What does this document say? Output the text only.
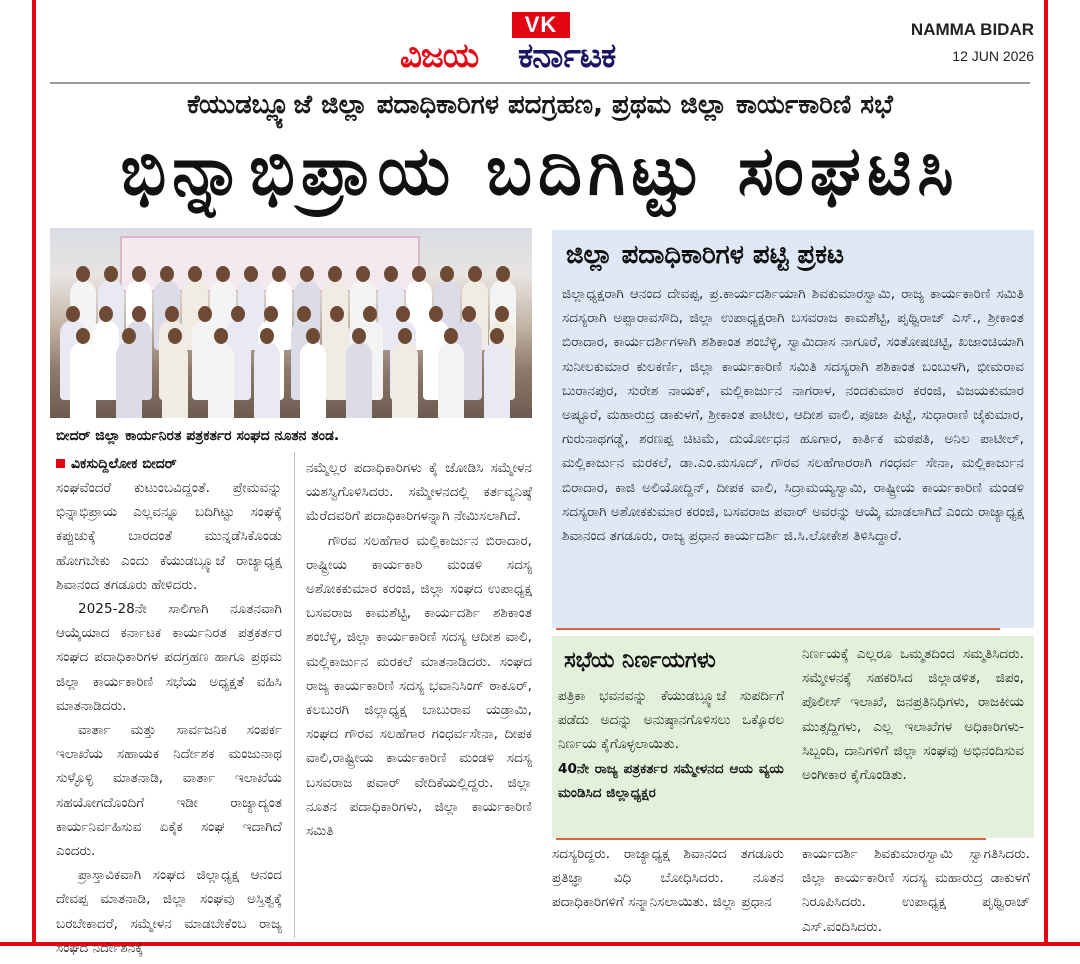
VK
ವಿಜಯ ಕರ್ನಾಟಕ
NAMMA BIDAR
12 JUN 2026
ಕೆಯುಡಬ್ಲ್ಯೂಜೆ ಜಿಲ್ಲಾ ಪದಾಧಿಕಾರಿಗಳ ಪದಗ್ರಹಣ, ಪ್ರಥಮ ಜಿಲ್ಲಾ ಕಾರ್ಯಕಾರಿಣಿ ಸಭೆ
ಭಿನ್ನಾಭಿಪ್ರಾಯ ಬದಿಗಿಟ್ಟು ಸಂಘಟಿಸಿ
ಬೀದರ್ ಜಿಲ್ಲಾ ಕಾರ್ಯನಿರತ ಪತ್ರಕರ್ತರ ಸಂಘದ ನೂತನ ತಂಡ.
ವಿಕಸುದ್ದಿಲೋಕ ಬೀದರ್

ಸಂಘವೆಂದರೆ ಕುಟುಂಬವಿದ್ದಂತೆ. ಪ್ರೇಮವನ್ನು ಭಿನ್ನಾಭಿಪ್ರಾಯ ಎಲ್ಲವನ್ನೂ ಬದಿಗಿಟ್ಟು ಸಂಘಕ್ಕೆ ಕಪ್ಪುಚುಕ್ಕೆ ಬಾರದಂತೆ ಮುನ್ನಡೆಸಿಕೊಂಡು ಹೋಗಬೇಕು ಎಂದು ಕೆಯುಡಬ್ಲ್ಯೂಜೆ ರಾಜ್ಯಾಧ್ಯಕ್ಷ ಶಿವಾನಂದ ತಗಡೂರು ಹೇಳಿದರು.

2025-28ನೇ ಸಾಲಿಗಾಗಿ ನೂತನವಾಗಿ ಆಯ್ಕೆಯಾದ ಕರ್ನಾಟಕ ಕಾರ್ಯನಿರತ ಪತ್ರಕರ್ತರ ಸಂಘದ ಪದಾಧಿಕಾರಿಗಳ ಪದಗ್ರಹಣ ಹಾಗೂ ಪ್ರಥಮ ಜಿಲ್ಲಾ ಕಾರ್ಯಕಾರಿಣಿ ಸಭೆಯ ಅಧ್ಯಕ್ಷತೆ ವಹಿಸಿ ಮಾತನಾಡಿದರು.

ವಾರ್ತಾ ಮತ್ತು ಸಾರ್ವಜನಿಕ ಸಂಪರ್ಕ ಇಲಾಖೆಯ ಸಹಾಯಕ ನಿರ್ದೇಶಕ ಮಂಜುನಾಥ ಸುಳ್ಳೊಳ್ಳಿ ಮಾತನಾಡಿ, ವಾರ್ತಾ ಇಲಾಖೆಯ ಸಹಯೋಗದೊಂದಿಗೆ ಇಡೀ ರಾಜ್ಯಾದ್ಯಂತ ಕಾರ್ಯನಿರ್ವಹಿಸುವ ಏಕೈಕ ಸಂಘ ಇದಾಗಿದೆ ಎಂದರು.

ಪ್ರಾಸ್ತಾವಿಕವಾಗಿ ಸಂಘದ ಜಿಲ್ಲಾಧ್ಯಕ್ಷ ಆನಂದ ದೇವಪ್ಪ ಮಾತನಾಡಿ, ಜಿಲ್ಲಾ ಸಂಘವು ಅಸ್ತಿತ್ವಕ್ಕೆ ಬರಬೇಕಾದರೆ, ಸಮ್ಮೇಳನ ಮಾಡಬೇಕೆಂಬ ರಾಜ್ಯ ಸಂಘದ ನಿರ್ದೇಶನಕ್ಕೆ

ನಮ್ಮೆಲ್ಲರ ಪದಾಧಿಕಾರಿಗಳು ಕೈ ಜೋಡಿಸಿ ಸಮ್ಮೇಳನ ಯಶಸ್ವಿಗೊಳಿಸಿದರು. ಸಮ್ಮೇಳನದಲ್ಲಿ ಕರ್ತವ್ಯನಿಷ್ಠೆ ಮೆರೆದವರಿಗೆ ಪದಾಧಿಕಾರಿಗಳನ್ನಾಗಿ ನೇಮಿಸಲಾಗಿದೆ.

ಗೌರವ ಸಲಹೆಗಾರ ಮಲ್ಲಿಕಾರ್ಜುನ ಬಿರಾದಾರ, ರಾಷ್ಟ್ರೀಯ ಕಾರ್ಯಕಾರಿ ಮಂಡಳಿ ಸದಸ್ಯ ಅಶೋಕಕುಮಾರ ಕರಂಜಿ, ಜಿಲ್ಲಾ ಸಂಘದ ಉಪಾಧ್ಯಕ್ಷ ಬಸವರಾಜ ಕಾಮಶೆಟ್ಟಿ, ಕಾರ್ಯದರ್ಶಿ ಶಶಿಕಾಂತ ಶಂಬೆಳ್ಳಿ, ಜಿಲ್ಲಾ ಕಾರ್ಯಕಾರಿಣಿ ಸದಸ್ಯ ಆದೀಶ ವಾಲಿ, ಮಲ್ಲಿಕಾರ್ಜುನ ಮರಕಲೆ ಮಾತನಾಡಿದರು. ಸಂಘದ ರಾಜ್ಯ ಕಾರ್ಯಕಾರಿಣಿ ಸದಸ್ಯ ಭವಾನಿಸಿಂಗ್ ಠಾಕೂರ್, ಕಲಬುರಗಿ ಜಿಲ್ಲಾಧ್ಯಕ್ಷ ಬಾಬುರಾವ ಯಡ್ರಾಮಿ, ಸಂಘದ ಗೌರವ ಸಲಹೆಗಾರ ಗಂಧರ್ವಸೇನಾ, ದೀಪಕ ವಾಲಿ,ರಾಷ್ಟ್ರೀಯ ಕಾರ್ಯಕಾರಿಣಿ ಮಂಡಳಿ ಸದಸ್ಯ ಬಸವರಾಜ ಪವಾರ್ ವೇದಿಕೆಯಲ್ಲಿದ್ದರು. ಜಿಲ್ಲಾ ನೂತನ ಪದಾಧಿಕಾರಿಗಳು, ಜಿಲ್ಲಾ ಕಾರ್ಯಕಾರಿಣಿ ಸಮಿತಿ

ಜಿಲ್ಲಾ ಪದಾಧಿಕಾರಿಗಳ ಪಟ್ಟಿ ಪ್ರಕಟ
ಜಿಲ್ಲಾಧ್ಯಕ್ಷರಾಗಿ ಆನಂದ ದೇವಪ್ಪ, ಪ್ರ.ಕಾರ್ಯದರ್ಶಿಯಾಗಿ ಶಿವಕುಮಾರಸ್ವಾಮಿ, ರಾಜ್ಯ ಕಾರ್ಯಕಾರಿಣಿ ಸಮಿತಿ ಸದಸ್ಯರಾಗಿ ಅಪ್ಪಾರಾವಸೌದಿ, ಜಿಲ್ಲಾ ಉಪಾಧ್ಯಕ್ಷರಾಗಿ ಬಸವರಾಜ ಕಾಮಶೆಟ್ಟಿ, ಪೃಥ್ವಿರಾಜ್ ಎಸ್., ಶ್ರೀಕಾಂತ ಬಿರಾದಾರ, ಕಾರ್ಯದರ್ಶಿಗಳಾಗಿ ಶಶಿಕಾಂತ ಶಂಬೆಳ್ಳಿ, ಸ್ವಾಮಿದಾಸ ನಾಗೂರೆ, ಸಂತೋಷಚಟ್ಟಿ, ಖಜಾಂಚಿಯಾಗಿ ಸುನೀಲಕುಮಾರ ಕುಲಕರ್ಣಿ, ಜಿಲ್ಲಾ ಕಾರ್ಯಕಾರಿಣಿ ಸಮಿತಿ ಸದಸ್ಯರಾಗಿ ಶಶಿಕಾಂತ ಬಂಬುಳಗಿ, ಭೀಮರಾವ ಬುರಾನಪುರ, ಸುರೇಶ ನಾಯಕ್, ಮಲ್ಲಿಕಾರ್ಜುನ ನಾಗರಾಳ, ನಂದಕುಮಾರ ಕರಂಜಿ, ವಿಜಯಕುಮಾರ ಅಷ್ಟೂರೆ, ಮಹಾರುದ್ರ ಡಾಕುಳಗೆ, ಶ್ರೀಕಾಂತ ಪಾಟೀಲ, ಆದೀಶ ವಾಲಿ, ಪೂಜಾ ಪಿಟ್ಟೆ, ಸುಧಾರಾಣಿ ಜೈಕುಮಾರ, ಗುರುನಾಥಗಡ್ಡೆ, ಶರಣಪ್ಪ ಚಿಟಮೆ, ದುರ್ಯೋಧನ ಹೂಗಾರ, ಕಾರ್ತಿಕ ಮಠಪತಿ, ಅನಿಲ ಪಾಟೀಲ್, ಮಲ್ಲಿಕಾರ್ಜುನ ಮರಕಲೆ, ಡಾ.ಎಂ.ಮಸೂದ್, ಗೌರವ ಸಲಹೆಗಾರರಾಗಿ ಗಂಧರ್ವ ಸೇನಾ, ಮಲ್ಲಿಕಾರ್ಜುನ ಬಿರಾದಾರ, ಕಾಜಿ ಅಲಿಯೋದ್ದಿನ್, ದೀಪಕ ವಾಲಿ, ಸಿದ್ರಾಮಯ್ಯಸ್ವಾಮಿ, ರಾಷ್ಟ್ರೀಯ ಕಾರ್ಯಕಾರಿಣಿ ಮಂಡಳಿ ಸದಸ್ಯರಾಗಿ ಅಶೋಕಕುಮಾರ ಕರಂಜಿ, ಬಸವರಾಜ ಪವಾರ್ ಅವರನ್ನು ಆಯ್ಕೆ ಮಾಡಲಾಗಿದೆ ಎಂದು ರಾಜ್ಯಾಧ್ಯಕ್ಷ ಶಿವಾನಂದ ತಗಡೂರು, ರಾಜ್ಯ ಪ್ರಧಾನ ಕಾರ್ಯದರ್ಶಿ ಜಿ.ಸಿ.ಲೋಕೇಶ ತಿಳಿಸಿದ್ದಾರೆ.
ಸಭೆಯ ನಿರ್ಣಯಗಳು
ಪತ್ರಿಕಾ ಭವನವನ್ನು ಕೆಯುಡಬ್ಲ್ಯೂಜೆ ಸುಪರ್ದಿಗೆ ಪಡೆದು ಅದನ್ನು ಅನುಷ್ಠಾನಗೊಳಿಸಲು ಒಕ್ಕೊರಲ ನಿರ್ಣಯ ಕೈಗೊಳ್ಳಲಾಯಿತು.
40ನೇ ರಾಜ್ಯ ಪತ್ರಕರ್ತರ ಸಮ್ಮೇಳನದ ಆಯ ವ್ಯಯ ಮಂಡಿಸಿದ ಜಿಲ್ಲಾಧ್ಯಕ್ಷರ
ನಿರ್ಣಯಕ್ಕೆ ಎಲ್ಲರೂ ಒಮ್ಮತದಿಂದ ಸಮ್ಮತಿಸಿದರು. ಸಮ್ಮೇಳನಕ್ಕೆ ಸಹಕರಿಸಿದ ಜಿಲ್ಲಾಡಳಿತ, ಜಿಪಂ, ಪೊಲೀಸ್ ಇಲಾಖೆ, ಜನಪ್ರತಿನಿಧಿಗಳು, ರಾಜಕೀಯ ಮುತ್ಸದ್ದಿಗಳು, ಎಲ್ಲ ಇಲಾಖೆಗಳ ಅಧಿಕಾರಿಗಳು-ಸಿಬ್ಬಂದಿ, ದಾನಿಗಳಿಗೆ ಜಿಲ್ಲಾ ಸಂಘವು ಅಭಿನಂದಿಸುವ ಅಂಗೀಕಾರ ಕೈಗೊಂಡಿತು.
ಸದಸ್ಯರಿದ್ದರು. ರಾಜ್ಯಾಧ್ಯಕ್ಷ ಶಿವಾನಂದ ತಗಡೂರು ಪ್ರತಿಜ್ಞಾ ವಿಧಿ ಬೋಧಿಸಿದರು. ನೂತನ ಪದಾಧಿಕಾರಿಗಳಿಗೆ ಸನ್ಮಾನಿಸಲಾಯಿತು. ಜಿಲ್ಲಾ ಪ್ರಧಾನ
ಕಾರ್ಯದರ್ಶಿ ಶಿವಕುಮಾರಸ್ವಾಮಿ ಸ್ವಾಗತಿಸಿದರು. ಜಿಲ್ಲಾ ಕಾರ್ಯಕಾರಿಣಿ ಸದಸ್ಯ ಮಹಾರುದ್ರ ಡಾಕುಳಗೆ ನಿರೂಪಿಸಿದರು. ಉಪಾಧ್ಯಕ್ಷ ಪೃಥ್ವಿರಾಜ್ ಎಸ್.ವಂದಿಸಿದರು.
